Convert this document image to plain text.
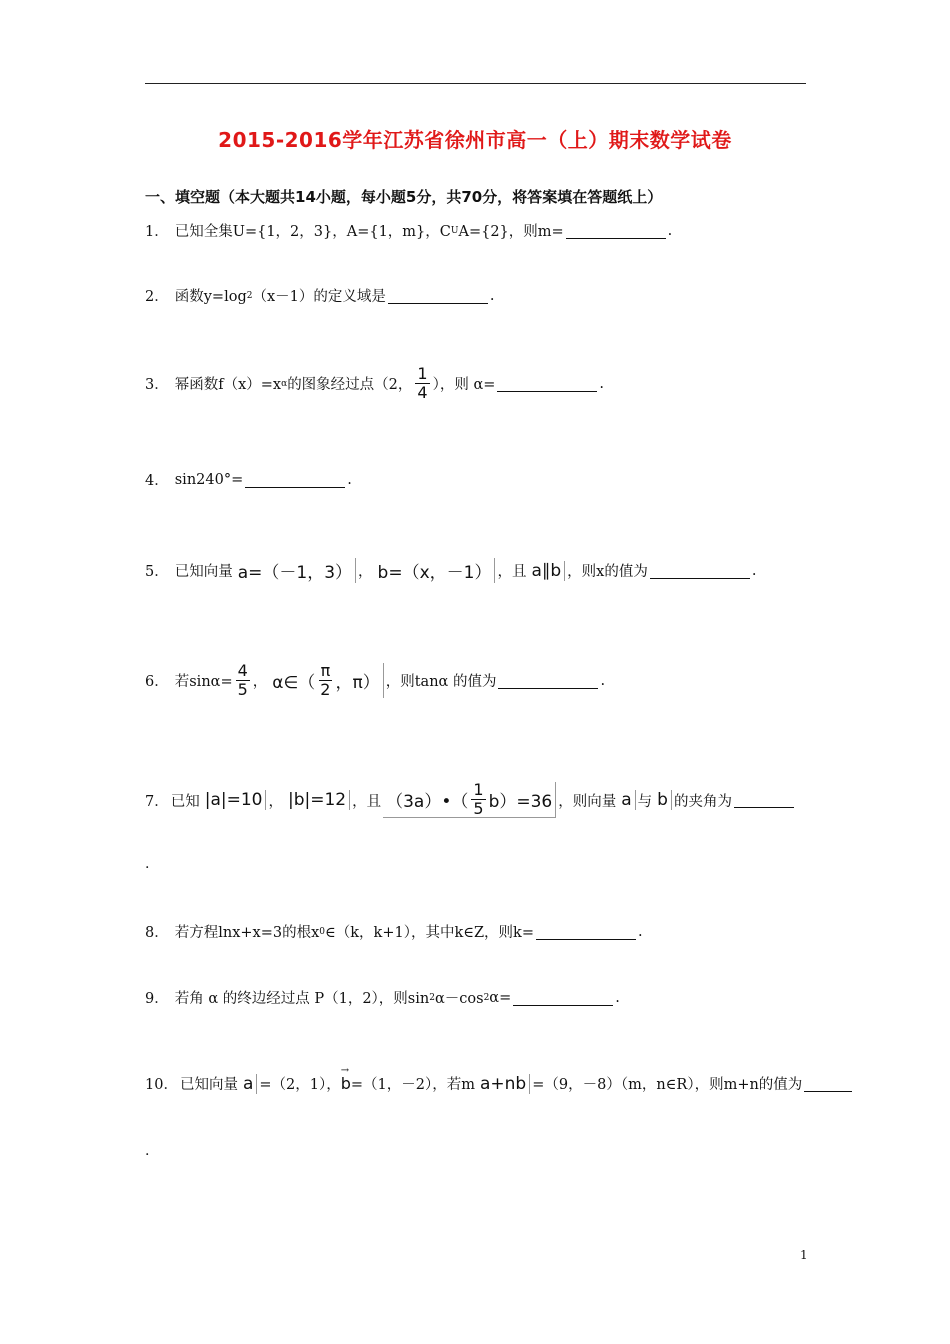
2015-2016学年江苏省徐州市高一（上）期末数学试卷
一、填空题（本大题共14小题，每小题5分，共70分，将答案填在答题纸上）
1． 已知全集U={1，2，3}，A={1，m}，C U A={2}，则m=	.
2． 函数y=log 2 （x－1）的定义域是	.
3． 幂函数f（x）=x α 的图象经过点（2， $\frac{1}{4}$ ），则 α=	.
4． sin240°=	.
5． 已知向量 a=（－1，3） ， b=（x，－1） ，且 a∥b ，则x的值为	.
6． 若$\sin\alpha= \frac{4}{5}$ ， α∈（ $\frac{\pi}{2}$ ，π） ，则tanα 的值为	.
7． 已知 |a|=10 ， |b|=12 ，且 （3a）•（ $\frac{1}{5} b)=36$ ，则向量 a 与 b 的夹角为
.
8． 若方程lnx+x=3的根x 0 ∈（k，k+1），其中k∈Z，则k=	.
9． 若角 α 的终边经过点 P（1，2），则sin 2 α－cos 2 α=	.
10． 已知向量 a =（2，1），
→
b =（1，－2），若m a+nb =（9，－8）（m，n∈R），则m+n的值为
.
1
